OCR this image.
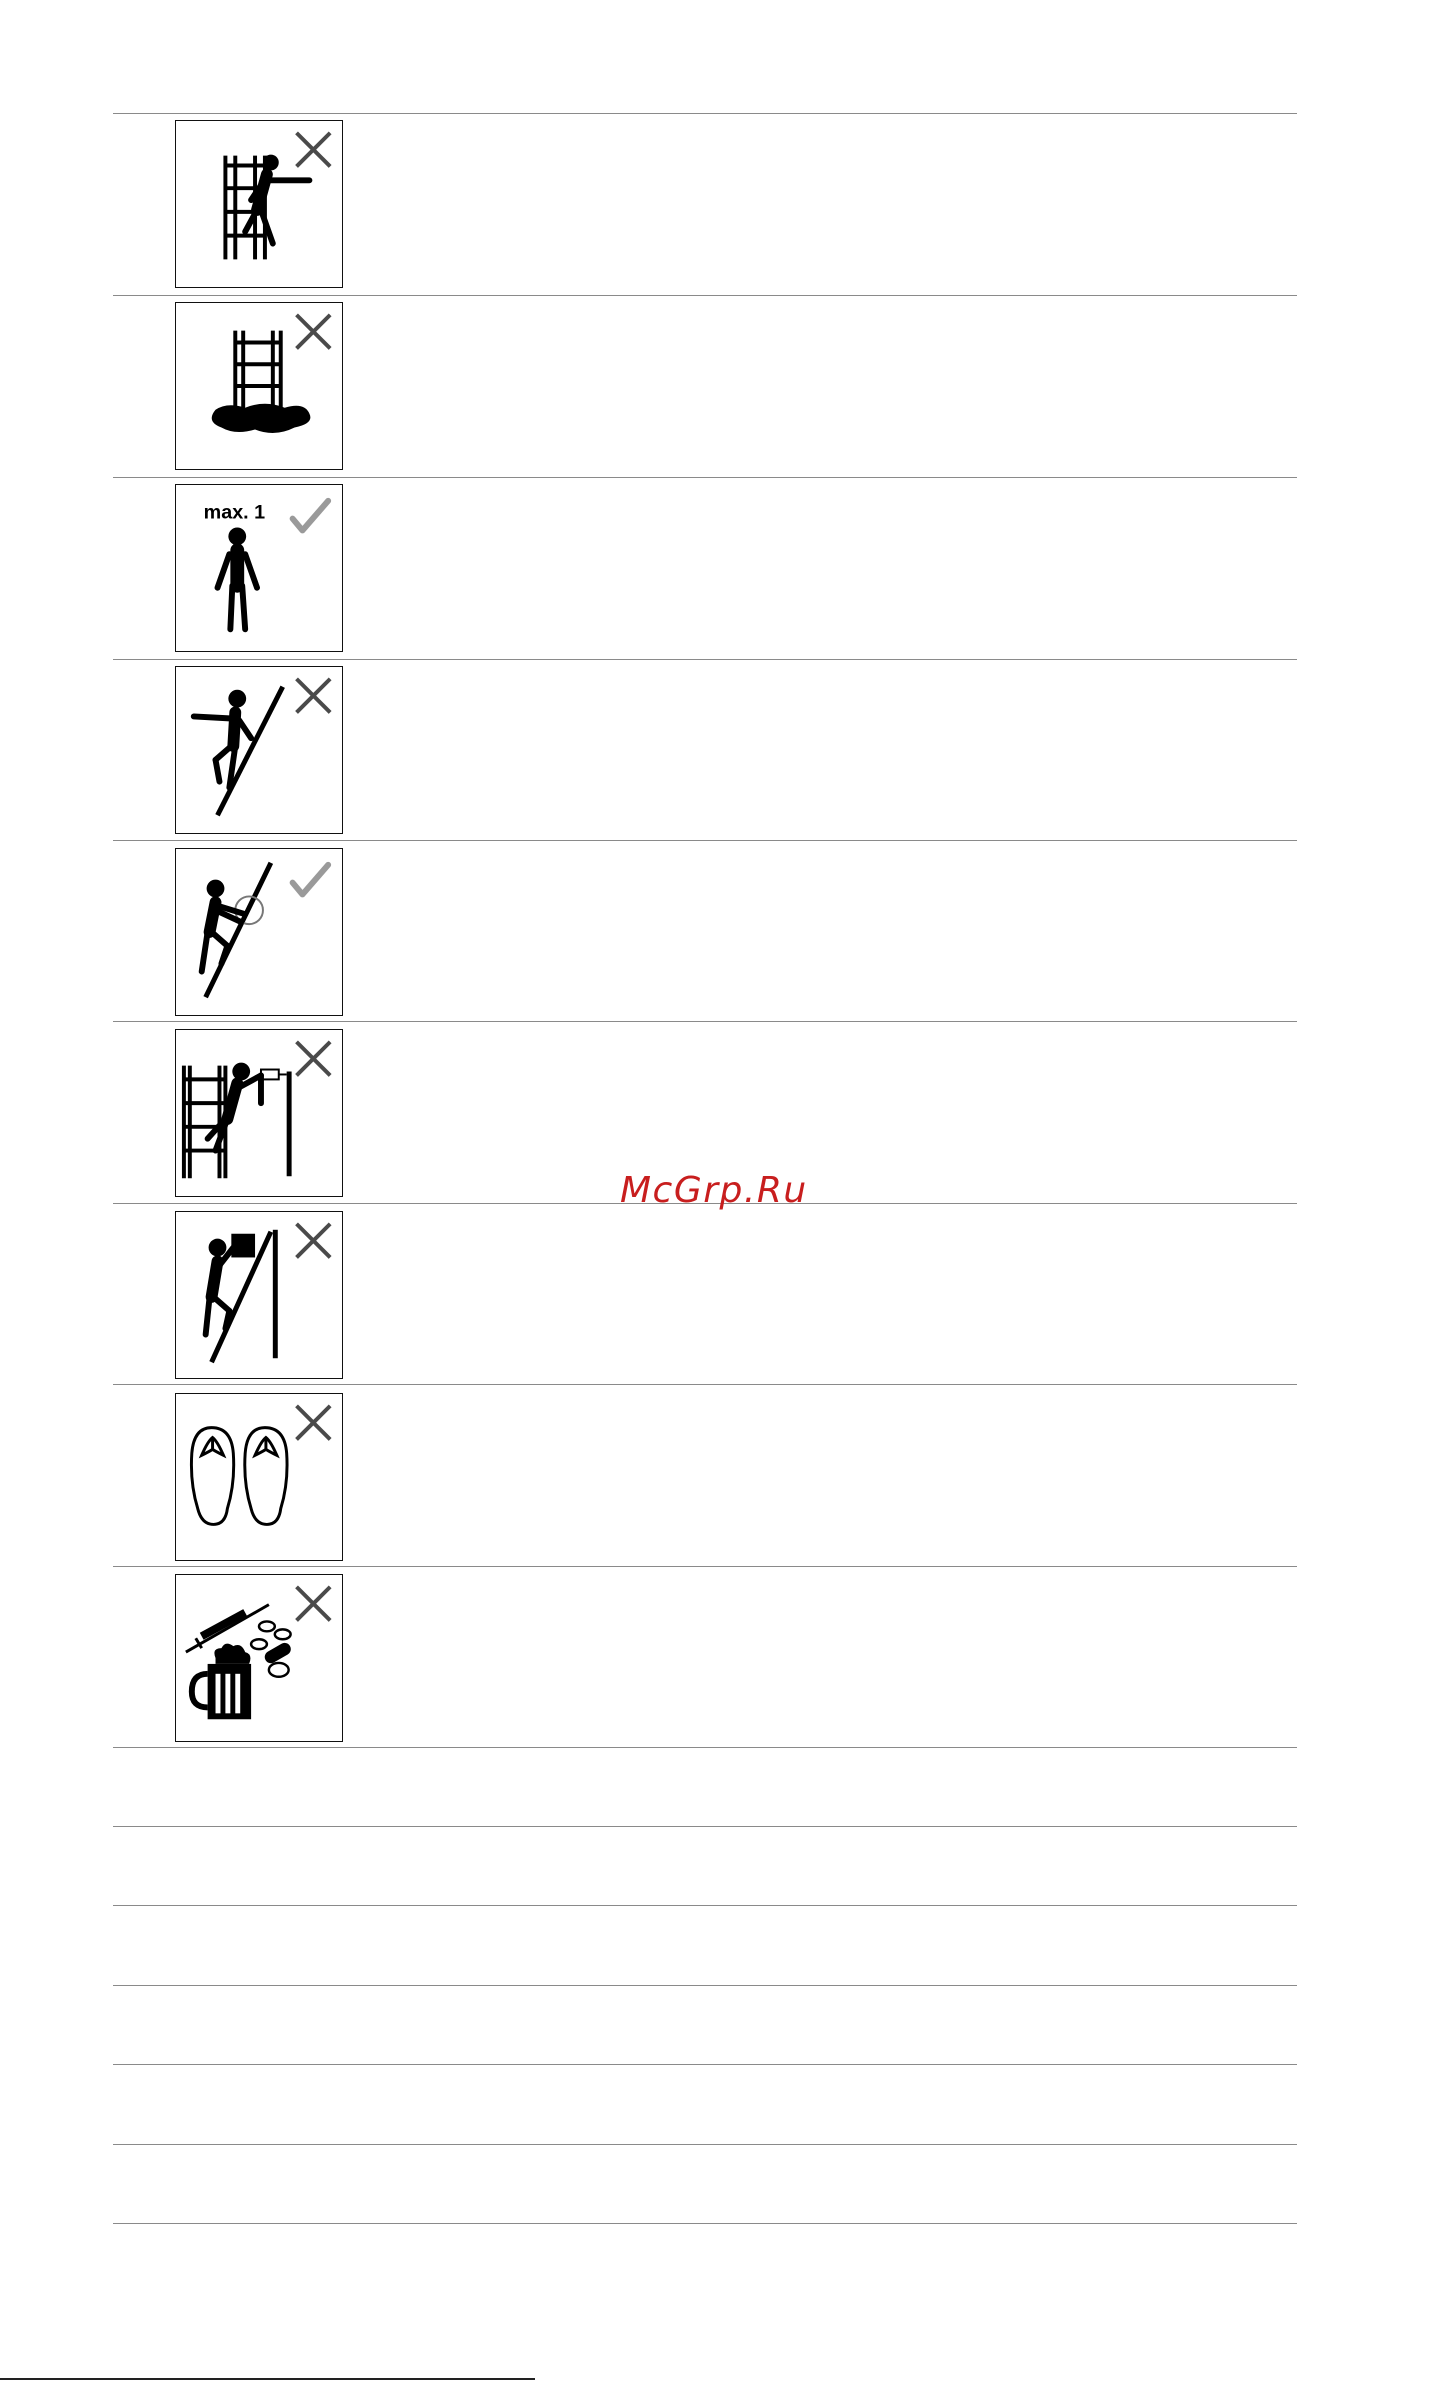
max. 1
McGrp.Ru
